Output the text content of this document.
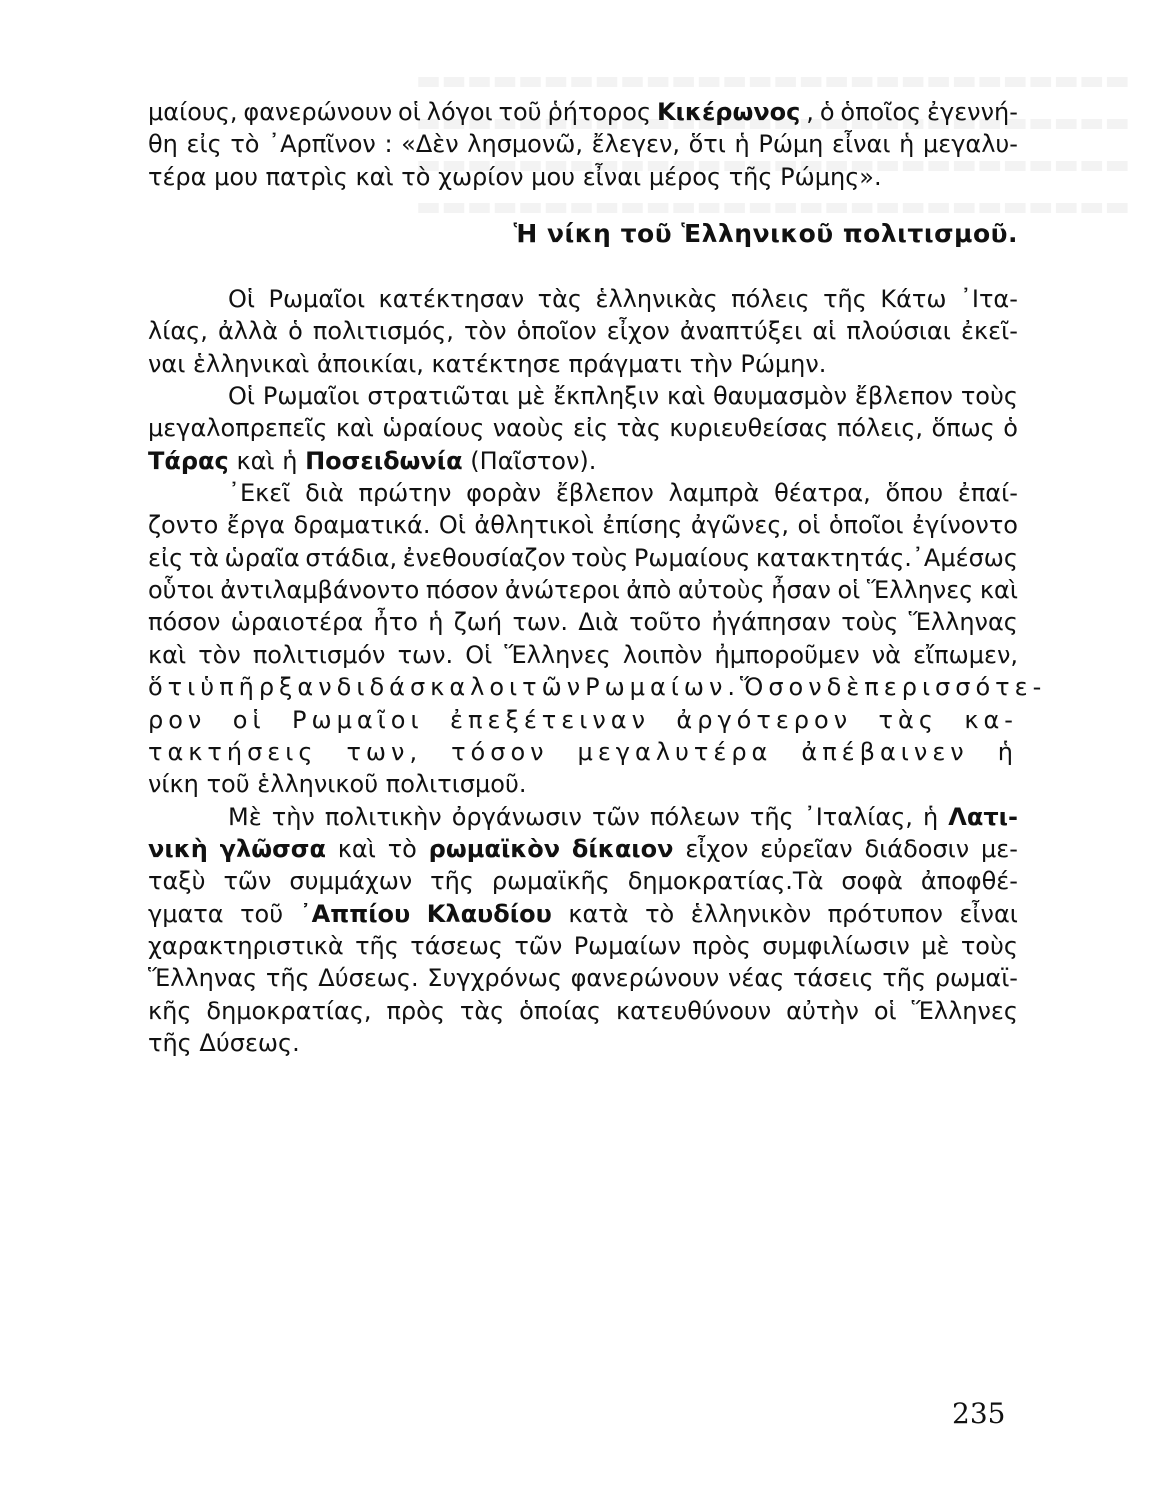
μαίους, φανερώνουν οἱ λόγοι τοῦ ῥήτορος Κικέρωνος , ὁ ὁποῖος ἐγεννή-
θη εἰς τὸ ᾿Αρπῖνον : «Δὲν λησμονῶ, ἔλεγεν, ὅτι ἡ Ρώμη εἶναι ἡ μεγαλυ-
τέρα μου πατρὶς καὶ τὸ χωρίον μου εἶναι μέρος τῆς Ρώμης».
Ἡ νίκη τοῦ Ἑλληνικοῦ πολιτισμοῦ.
Οἱ Ρωμαῖοι κατέκτησαν τὰς ἑλληνικὰς πόλεις τῆς Κάτω ᾿Ιτα-
λίας, ἀλλὰ ὁ πολιτισμός, τὸν ὁποῖον εἶχον ἀναπτύξει αἱ πλούσιαι ἐκεῖ-
ναι ἑλληνικαὶ ἀποικίαι, κατέκτησε πράγματι τὴν Ρώμην.
Οἱ Ρωμαῖοι στρατιῶται μὲ ἔκπληξιν καὶ θαυμασμὸν ἔβλεπον τοὺς
μεγαλοπρεπεῖς καὶ ὡραίους ναοὺς εἰς τὰς κυριευθείσας πόλεις, ὅπως ὁ
Τάρας καὶ ἡ Ποσειδωνία (Παῖστον).
᾿Εκεῖ διὰ πρώτην φορὰν ἔβλεπον λαμπρὰ θέατρα, ὅπου ἐπαί-
ζοντο ἔργα δραματικά. Οἱ ἀθλητικοὶ ἐπίσης ἀγῶνες, οἱ ὁποῖοι ἐγίνοντο
εἰς τὰ ὡραῖα στάδια, ἐνεθουσίαζον τοὺς Ρωμαίους κατακτητάς.᾿Αμέσως
οὗτοι ἀντιλαμβάνοντο πόσον ἀνώτεροι ἀπὸ αὐτοὺς ἦσαν οἱ Ἕλληνες καὶ
πόσον ὡραιοτέρα ἦτο ἡ ζωή των. Διὰ τοῦτο ἠγάπησαν τοὺς Ἕλληνας
καὶ τὸν πολιτισμόν των. Οἱ Ἕλληνες λοιπὸν ἠμποροῦμεν νὰ εἴπωμεν,
ὅτι ὑπῆρξαν διδάσκαλοι τῶν Ρωμαίων. Ὅσον δὲ περισσότε-
ρον οἱ Ρωμαῖοι ἐπεξέτειναν ἀργότερον τὰς κα-
τακτήσεις των, τόσον μεγαλυτέρα ἀπέβαινεν ἡ
νίκη τοῦ ἑλληνικοῦ πολιτισμοῦ.
Μὲ τὴν πολιτικὴν ὀργάνωσιν τῶν πόλεων τῆς ᾿Ιταλίας, ἡ Λατι-
νικὴ γλῶσσα καὶ τὸ ρωμαϊκὸν δίκαιον εἶχον εὐρεῖαν διάδοσιν με-
ταξὺ τῶν συμμάχων τῆς ρωμαϊκῆς δημοκρατίας.Τὰ σοφὰ ἀποφθέ-
γματα τοῦ ᾿Αππίου Κλαυδίου κατὰ τὸ ἑλληνικὸν πρότυπον εἶναι
χαρακτηριστικὰ τῆς τάσεως τῶν Ρωμαίων πρὸς συμφιλίωσιν μὲ τοὺς
Ἕλληνας τῆς Δύσεως. Συγχρόνως φανερώνουν νέας τάσεις τῆς ρωμαϊ-
κῆς δημοκρατίας, πρὸς τὰς ὁποίας κατευθύνουν αὐτὴν οἱ Ἕλληνες
τῆς Δύσεως.
235
